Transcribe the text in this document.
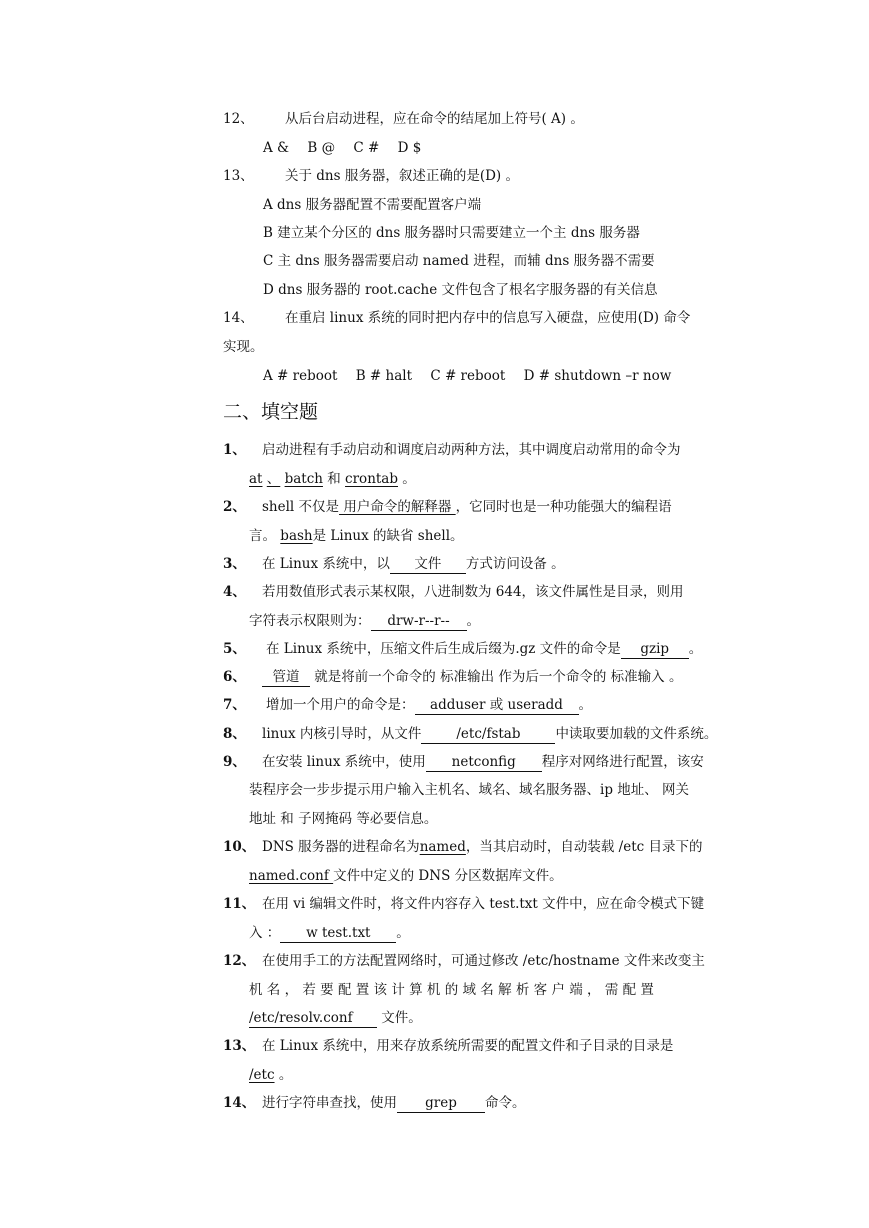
12、 从后台启动进程，应在命令的结尾加上符号( A) 。
A & B @ C # D $
13、 关于 dns 服务器，叙述正确的是(D) 。
A dns 服务器配置不需要配置客户端
B 建立某个分区的 dns 服务器时只需要建立一个主 dns 服务器
C 主 dns 服务器需要启动 named 进程，而辅 dns 服务器不需要
D dns 服务器的 root.cache 文件包含了根名字服务器的有关信息
14、 在重启 linux 系统的同时把内存中的信息写入硬盘，应使用(D) 命令
实现。
A # reboot B # halt C # reboot D # shutdown –r now
二、填空题
1、 启动进程有手动启动和调度启动两种方法，其中调度启动常用的命令为
at 、 batch 和 crontab 。
2、 shell 不仅是 用户命令的解释器 ，它同时也是一种功能强大的编程语
言。 bash是 Linux 的缺省 shell。
3、 在 Linux 系统中，以 文件 方式访问设备 。
4、 若用数值形式表示某权限，八进制数为 644，该文件属性是目录，则用
字符表示权限则为： drw-r--r-- 。
5、 在 Linux 系统中，压缩文件后生成后缀为.gz 文件的命令是 gzip 。
6、	管道 就是将前一个命令的 标准输出 作为后一个命令的 标准输入 。
7、 增加一个用户的命令是： adduser 或 useradd 。
8、 linux 内核引导时，从文件	/etc/fstab	中读取要加载的文件系统。
9、 在安装 linux 系统中，使用 netconfig 程序对网络进行配置，该安
装程序会一步步提示用户输入主机名、域名、域名服务器、ip 地址、 网关
地址 和 子网掩码 等必要信息。
10、 DNS 服务器的进程命名为named，当其启动时，自动装载 /etc 目录下的
named.conf 文件中定义的 DNS 分区数据库文件。
11、 在用 vi 编辑文件时，将文件内容存入 test.txt 文件中，应在命令模式下键
入 ： w test.txt 。
12、 在使用手工的方法配置网络时，可通过修改 /etc/hostname 文件来改变主
机 名 ， 若 要 配 置 该 计 算 机 的 域 名 解 析 客 户 端 ， 需 配 置
/etc/resolv.conf 文件。
13、 在 Linux 系统中，用来存放系统所需要的配置文件和子目录的目录是
/etc 。
14、 进行字符串查找，使用 grep 命令。
